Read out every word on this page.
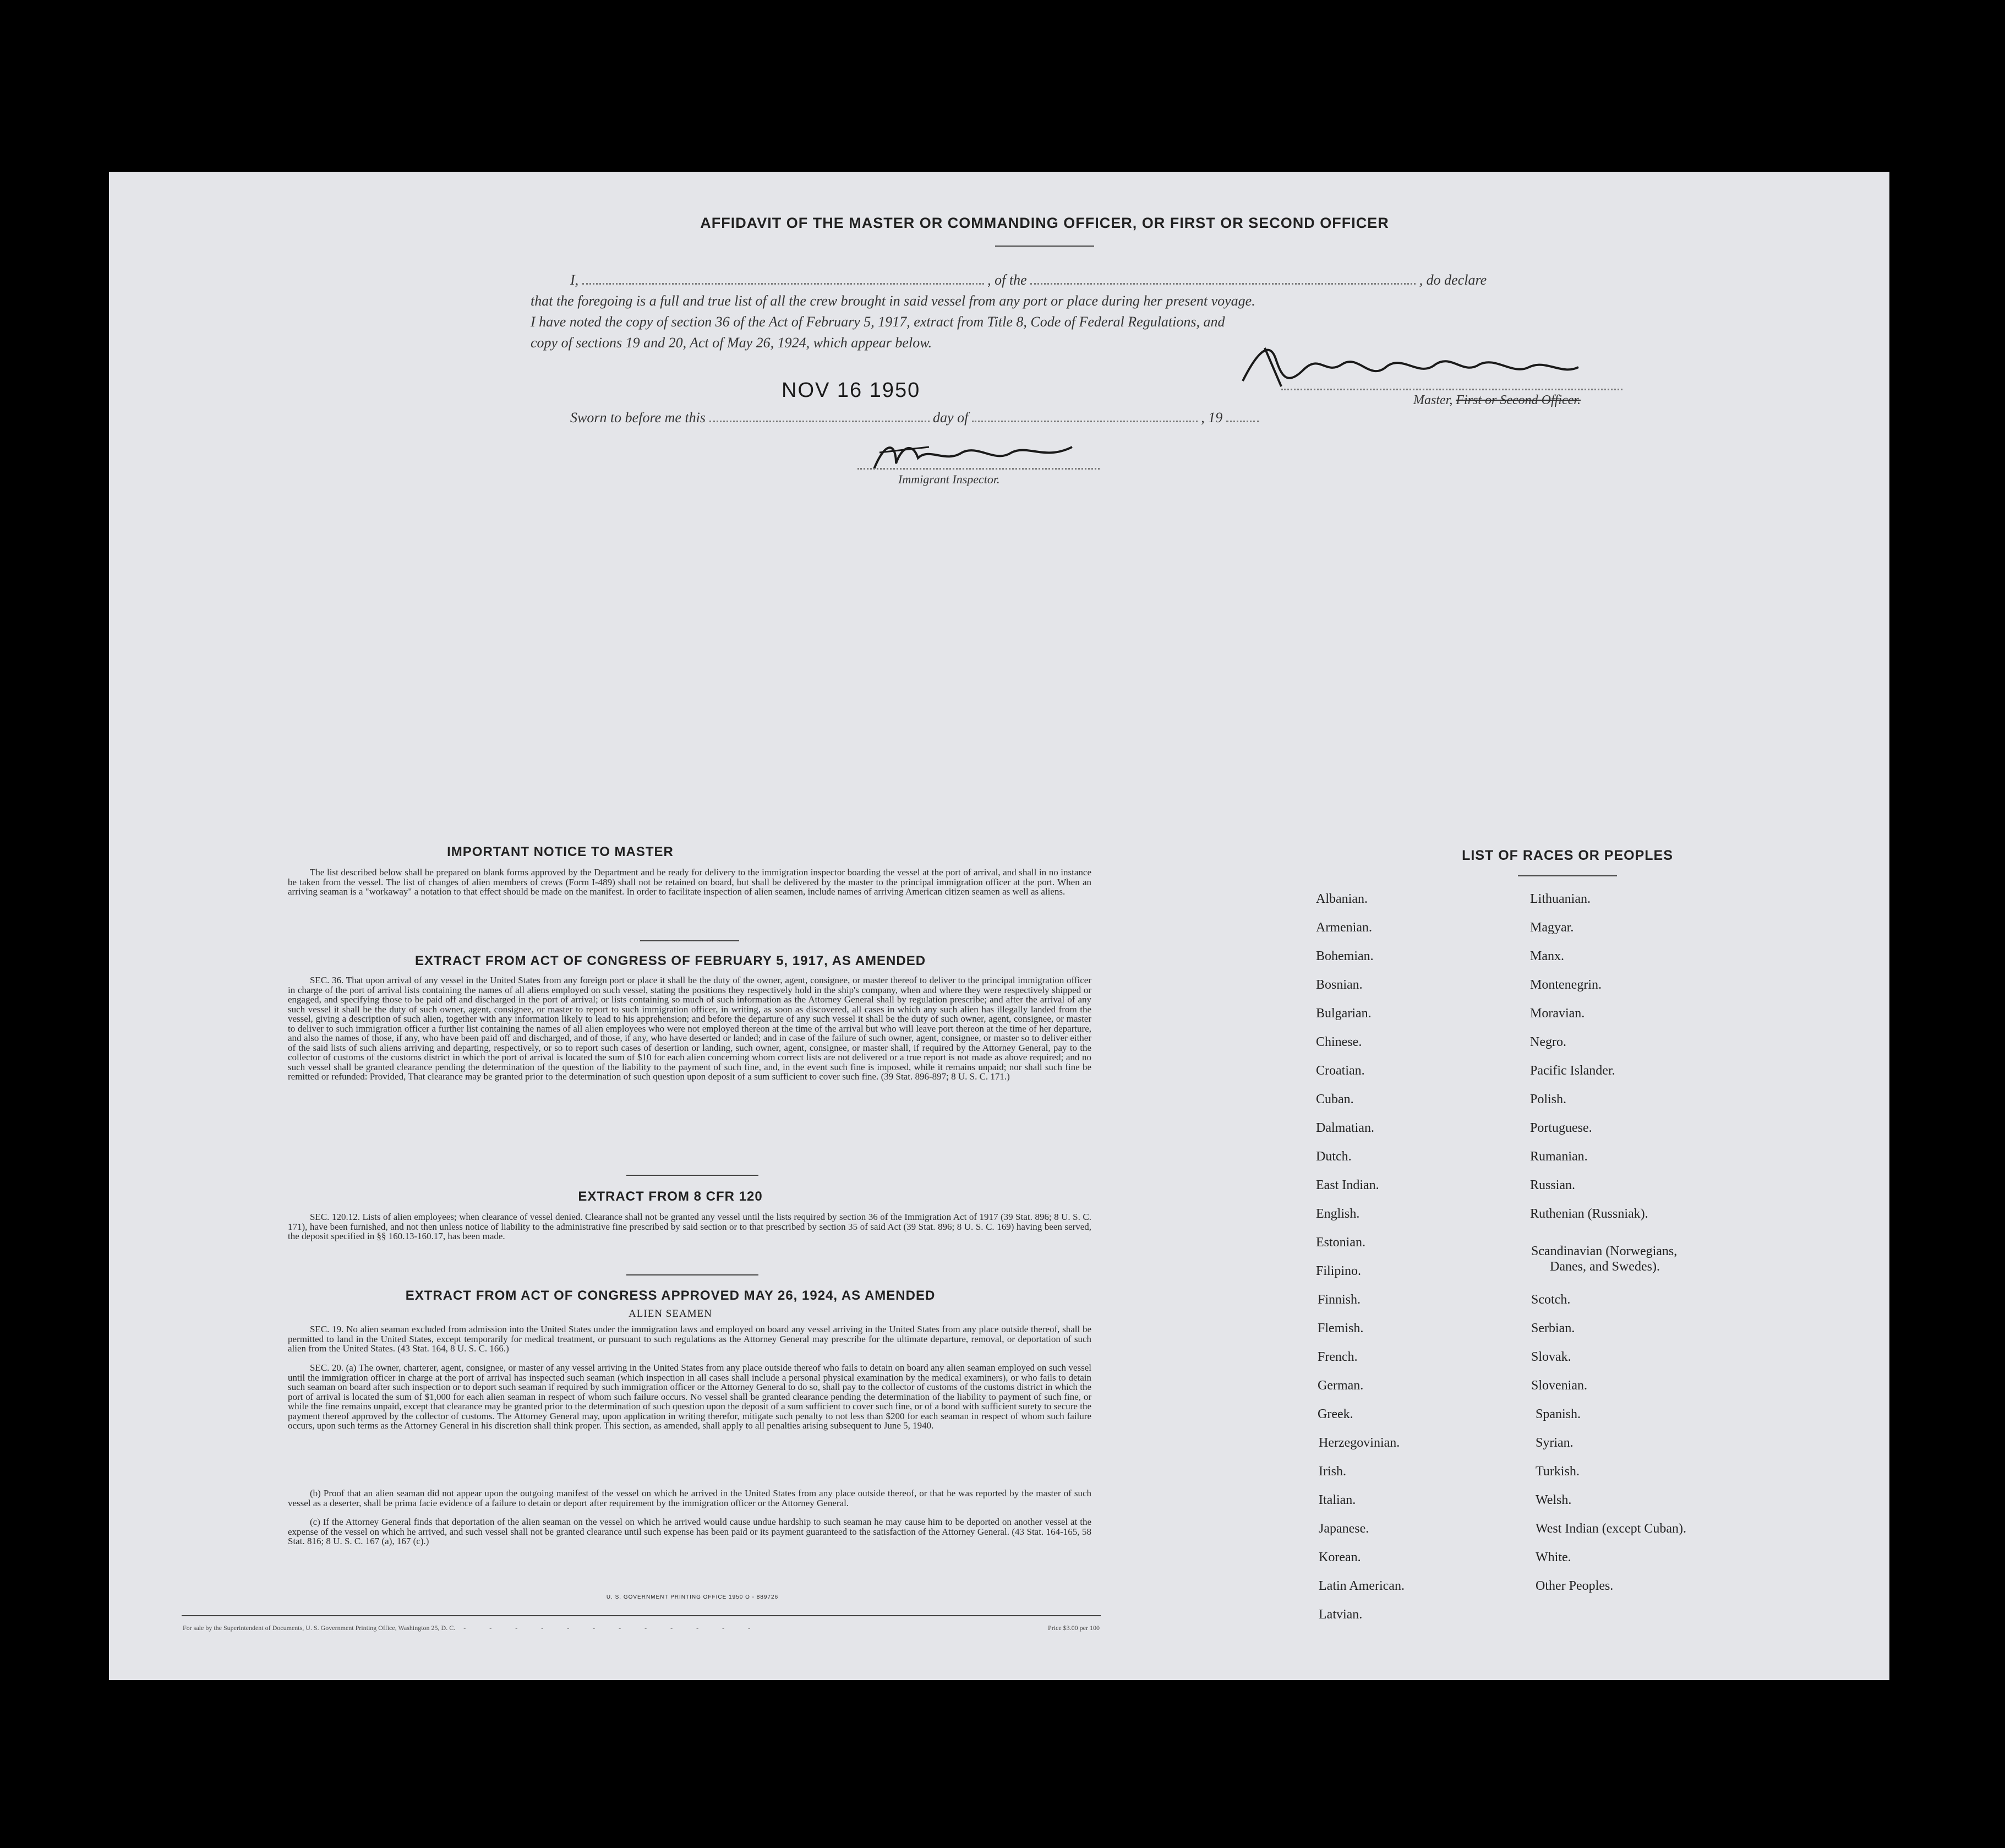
AFFIDAVIT OF THE MASTER OR COMMANDING OFFICER, OR FIRST OR SECOND OFFICER
I,	, of the	, do declare
that the foregoing is a full and true list of all the crew brought in said vessel from any port or place during her present voyage.
I have noted the copy of section 36 of the Act of February 5, 1917, extract from Title 8, Code of Federal Regulations, and
copy of sections 19 and 20, Act of May 26, 1924, which appear below.
NOV 16 1950	Master, First or Second Officer.
Sworn to before me this	day of	, 19
Immigrant Inspector.
IMPORTANT NOTICE TO MASTER
The list described below shall be prepared on blank forms approved by the Department and be ready for delivery to the immigration inspector boarding the vessel at the port of arrival, and shall in no instance be taken from the vessel. The list of changes of alien members of crews (Form I-489) shall not be retained on board, but shall be delivered by the master to the principal immigration officer at the port. When an arriving seaman is a "workaway" a notation to that effect should be made on the manifest. In order to facilitate inspection of alien seamen, include names of arriving American citizen seamen as well as aliens.
EXTRACT FROM ACT OF CONGRESS OF FEBRUARY 5, 1917, AS AMENDED
SEC. 36. That upon arrival of any vessel in the United States from any foreign port or place it shall be the duty of the owner, agent, consignee, or master thereof to deliver to the principal immigration officer in charge of the port of arrival lists containing the names of all aliens employed on such vessel, stating the positions they respectively hold in the ship's company, when and where they were respectively shipped or engaged, and specifying those to be paid off and discharged in the port of arrival; or lists containing so much of such information as the Attorney General shall by regulation prescribe; and after the arrival of any such vessel it shall be the duty of such owner, agent, consignee, or master to report to such immigration officer, in writing, as soon as discovered, all cases in which any such alien has illegally landed from the vessel, giving a description of such alien, together with any information likely to lead to his apprehension; and before the departure of any such vessel it shall be the duty of such owner, agent, consignee, or master to deliver to such immigration officer a further list containing the names of all alien employees who were not employed thereon at the time of the arrival but who will leave port thereon at the time of her departure, and also the names of those, if any, who have been paid off and discharged, and of those, if any, who have deserted or landed; and in case of the failure of such owner, agent, consignee, or master so to deliver either of the said lists of such aliens arriving and departing, respectively, or so to report such cases of desertion or landing, such owner, agent, consignee, or master shall, if required by the Attorney General, pay to the collector of customs of the customs district in which the port of arrival is located the sum of $10 for each alien concerning whom correct lists are not delivered or a true report is not made as above required; and no such vessel shall be granted clearance pending the determination of the question of the liability to the payment of such fine, and, in the event such fine is imposed, while it remains unpaid; nor shall such fine be remitted or refunded: Provided, That clearance may be granted prior to the determination of such question upon deposit of a sum sufficient to cover such fine. (39 Stat. 896-897; 8 U. S. C. 171.)
EXTRACT FROM 8 CFR 120
SEC. 120.12. Lists of alien employees; when clearance of vessel denied. Clearance shall not be granted any vessel until the lists required by section 36 of the Immigration Act of 1917 (39 Stat. 896; 8 U. S. C. 171), have been furnished, and not then unless notice of liability to the administrative fine prescribed by said section or to that prescribed by section 35 of said Act (39 Stat. 896; 8 U. S. C. 169) having been served, the deposit specified in §§ 160.13-160.17, has been made.
EXTRACT FROM ACT OF CONGRESS APPROVED MAY 26, 1924, AS AMENDED
ALIEN SEAMEN
SEC. 19. No alien seaman excluded from admission into the United States under the immigration laws and employed on board any vessel arriving in the United States from any place outside thereof, shall be permitted to land in the United States, except temporarily for medical treatment, or pursuant to such regulations as the Attorney General may prescribe for the ultimate departure, removal, or deportation of such alien from the United States. (43 Stat. 164, 8 U. S. C. 166.)
SEC. 20. (a) The owner, charterer, agent, consignee, or master of any vessel arriving in the United States from any place outside thereof who fails to detain on board any alien seaman employed on such vessel until the immigration officer in charge at the port of arrival has inspected such seaman (which inspection in all cases shall include a personal physical examination by the medical examiners), or who fails to detain such seaman on board after such inspection or to deport such seaman if required by such immigration officer or the Attorney General to do so, shall pay to the collector of customs of the customs district in which the port of arrival is located the sum of $1,000 for each alien seaman in respect of whom such failure occurs. No vessel shall be granted clearance pending the determination of the liability to payment of such fine, or while the fine remains unpaid, except that clearance may be granted prior to the determination of such question upon the deposit of a sum sufficient to cover such fine, or of a bond with sufficient surety to secure the payment thereof approved by the collector of customs. The Attorney General may, upon application in writing therefor, mitigate such penalty to not less than $200 for each seaman in respect of whom such failure occurs, upon such terms as the Attorney General in his discretion shall think proper. This section, as amended, shall apply to all penalties arising subsequent to June 5, 1940.
(b) Proof that an alien seaman did not appear upon the outgoing manifest of the vessel on which he arrived in the United States from any place outside thereof, or that he was reported by the master of such vessel as a deserter, shall be prima facie evidence of a failure to detain or deport after requirement by the immigration officer or the Attorney General.
(c) If the Attorney General finds that deportation of the alien seaman on the vessel on which he arrived would cause undue hardship to such seaman he may cause him to be deported on another vessel at the expense of the vessel on which he arrived, and such vessel shall not be granted clearance until such expense has been paid or its payment guaranteed to the satisfaction of the Attorney General. (43 Stat. 164-165, 58 Stat. 816; 8 U. S. C. 167 (a), 167 (c).)
U. S. GOVERNMENT PRINTING OFFICE 1950 O - 889726
For sale by the Superintendent of Documents, U. S. Government Printing Office, Washington 25, D. C. - - - - - - - - - - - -	Price $3.00 per 100
LIST OF RACES OR PEOPLES
Albanian.
Armenian.
Bohemian.
Bosnian.
Bulgarian.
Chinese.
Croatian.
Cuban.
Dalmatian.
Dutch.
East Indian.
English.
Estonian.
Filipino.
Finnish.
Flemish.
French.
German.
Greek.
Herzegovinian.
Irish.
Italian.
Japanese.
Korean.
Latin American.
Latvian.
Lithuanian.
Magyar.
Manx.
Montenegrin.
Moravian.
Negro.
Pacific Islander.
Polish.
Portuguese.
Rumanian.
Russian.
Ruthenian (Russniak).
Scandinavian (Norwegians,
Danes, and Swedes).
Scotch.
Serbian.
Slovak.
Slovenian.
Spanish.
Syrian.
Turkish.
Welsh.
West Indian (except Cuban).
White.
Other Peoples.
